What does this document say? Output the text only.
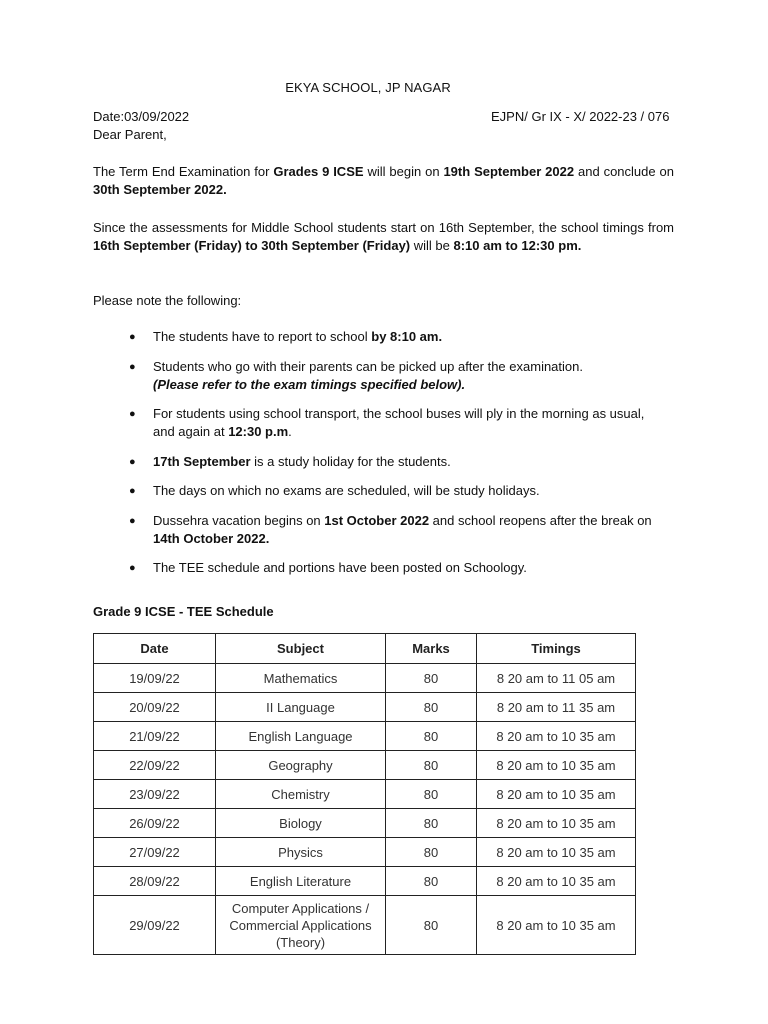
EKYA SCHOOL, JP NAGAR
Date:03/09/2022	EJPN/ Gr IX - X/ 2022-23 / 076
Dear Parent,
The Term End Examination for Grades 9 ICSE will begin on 19th September 2022 and conclude on 30th September 2022.
Since the assessments for Middle School students start on 16th September, the school timings from 16th September (Friday) to 30th September (Friday) will be 8:10 am to 12:30 pm.
Please note the following:
● The students have to report to school by 8:10 am.
● Students who go with their parents can be picked up after the examination.
(Please refer to the exam timings specified below).
● For students using school transport, the school buses will ply in the morning as usual, and again at 12:30 p.m.
● 17th September is a study holiday for the students.
● The days on which no exams are scheduled, will be study holidays.
● Dussehra vacation begins on 1st October 2022 and school reopens after the break on 14th October 2022.
● The TEE schedule and portions have been posted on Schoology.
Grade 9 ICSE - TEE Schedule
Date	Subject	Marks	Timings
19/09/22	Mathematics	80	8 20 am to 11 05 am
20/09/22	II Language	80	8 20 am to 11 35 am
21/09/22	English Language	80	8 20 am to 10 35 am
22/09/22	Geography	80	8 20 am to 10 35 am
23/09/22	Chemistry	80	8 20 am to 10 35 am
26/09/22	Biology	80	8 20 am to 10 35 am
27/09/22	Physics	80	8 20 am to 10 35 am
28/09/22	English Literature	80	8 20 am to 10 35 am
29/09/22	Computer Applications /
Commercial Applications
(Theory)	80	8 20 am to 10 35 am
